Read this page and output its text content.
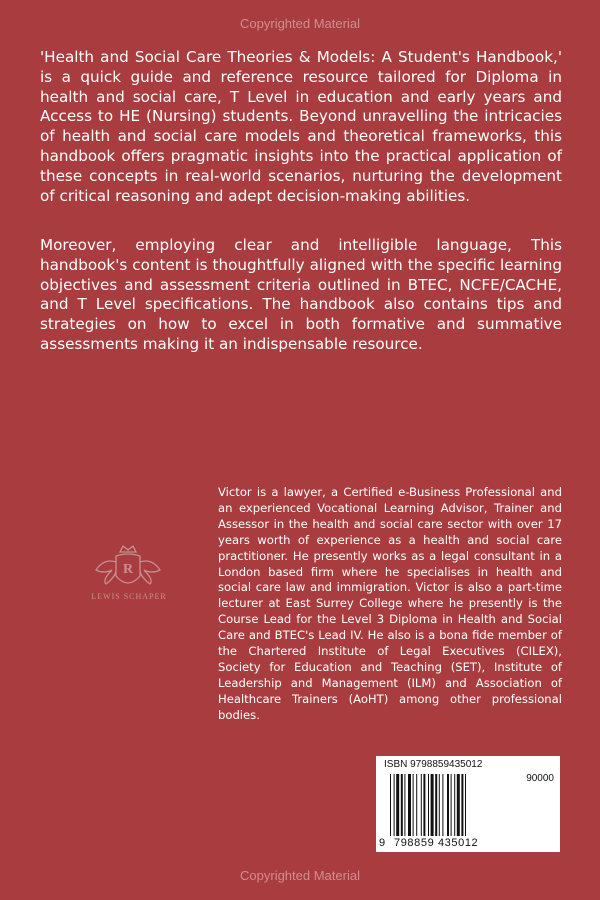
Copyrighted Material

'Health and Social Care Theories & Models: A Student's Handbook,' is a quick guide and reference resource tailored for Diploma in health and social care, T Level in education and early years and Access to HE (Nursing) students. Beyond unravelling the intricacies of health and social care models and theoretical frameworks, this handbook offers pragmatic insights into the practical application of these concepts in real-world scenarios, nurturing the development of critical reasoning and adept decision-making abilities.

Moreover, employing clear and intelligible language, This handbook's content is thoughtfully aligned with the specific learning objectives and assessment criteria outlined in BTEC, NCFE/CACHE, and T Level specifications. The handbook also contains tips and strategies on how to excel in both formative and summative assessments making it an indispensable resource.

R
LEWIS SCHAPER

Victor is a lawyer, a Certified e-Business Professional and an experienced Vocational Learning Advisor, Trainer and Assessor in the health and social care sector with over 17 years worth of experience as a health and social care practitioner. He presently works as a legal consultant in a London based firm where he specialises in health and social care law and immigration. Victor is also a part-time lecturer at East Surrey College where he presently is the Course Lead for the Level 3 Diploma in Health and Social Care and BTEC's Lead IV. He also is a bona fide member of the Chartered Institute of Legal Executives (CILEX), Society for Education and Teaching (SET), Institute of Leadership and Management (ILM) and Association of Healthcare Trainers (AoHT) among other professional bodies.

ISBN 9798859435012
90000
9 798859 435012
Copyrighted Material
